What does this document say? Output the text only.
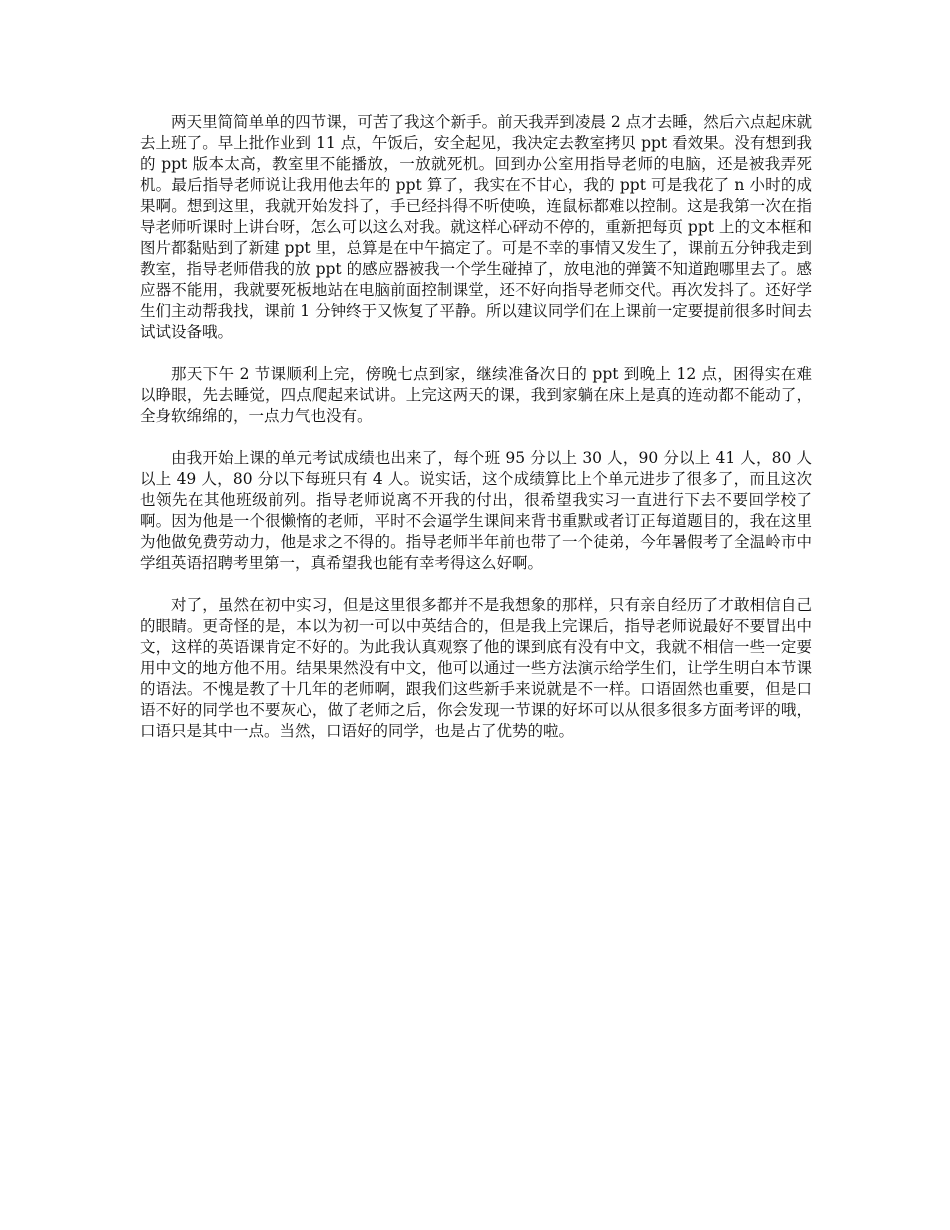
两天里简简单单的四节课，可苦了我这个新手。前天我弄到凌晨 2 点才去睡，然后六点起床就去上班了。早上批作业到 11 点，午饭后，安全起见，我决定去教室拷贝 ppt 看效果。没有想到我的 ppt 版本太高，教室里不能播放，一放就死机。回到办公室用指导老师的电脑，还是被我弄死机。最后指导老师说让我用他去年的 ppt 算了，我实在不甘心，我的 ppt 可是我花了 n 小时的成果啊。想到这里，我就开始发抖了，手已经抖得不听使唤，连鼠标都难以控制。这是我第一次在指导老师听课时上讲台呀，怎么可以这么对我。就这样心砰动不停的，重新把每页 ppt 上的文本框和图片都黏贴到了新建 ppt 里，总算是在中午搞定了。可是不幸的事情又发生了，课前五分钟我走到教室，指导老师借我的放 ppt 的感应器被我一个学生碰掉了，放电池的弹簧不知道跑哪里去了。感应器不能用，我就要死板地站在电脑前面控制课堂，还不好向指导老师交代。再次发抖了。还好学生们主动帮我找，课前 1 分钟终于又恢复了平静。所以建议同学们在上课前一定要提前很多时间去试试设备哦。

那天下午 2 节课顺利上完，傍晚七点到家，继续准备次日的 ppt 到晚上 12 点，困得实在难以睁眼，先去睡觉，四点爬起来试讲。上完这两天的课，我到家躺在床上是真的连动都不能动了，全身软绵绵的，一点力气也没有。

由我开始上课的单元考试成绩也出来了，每个班 95 分以上 30 人，90 分以上 41 人，80 人以上 49 人，80 分以下每班只有 4 人。说实话，这个成绩算比上个单元进步了很多了，而且这次也领先在其他班级前列。指导老师说离不开我的付出，很希望我实习一直进行下去不要回学校了啊。因为他是一个很懒惰的老师，平时不会逼学生课间来背书重默或者订正每道题目的，我在这里为他做免费劳动力，他是求之不得的。指导老师半年前也带了一个徒弟，今年暑假考了全温岭市中学组英语招聘考里第一，真希望我也能有幸考得这么好啊。

对了，虽然在初中实习，但是这里很多都并不是我想象的那样，只有亲自经历了才敢相信自己的眼睛。更奇怪的是，本以为初一可以中英结合的，但是我上完课后，指导老师说最好不要冒出中文，这样的英语课肯定不好的。为此我认真观察了他的课到底有没有中文，我就不相信一些一定要用中文的地方他不用。结果果然没有中文，他可以通过一些方法演示给学生们，让学生明白本节课的语法。不愧是教了十几年的老师啊，跟我们这些新手来说就是不一样。口语固然也重要，但是口语不好的同学也不要灰心，做了老师之后，你会发现一节课的好坏可以从很多很多方面考评的哦，口语只是其中一点。当然，口语好的同学，也是占了优势的啦。
